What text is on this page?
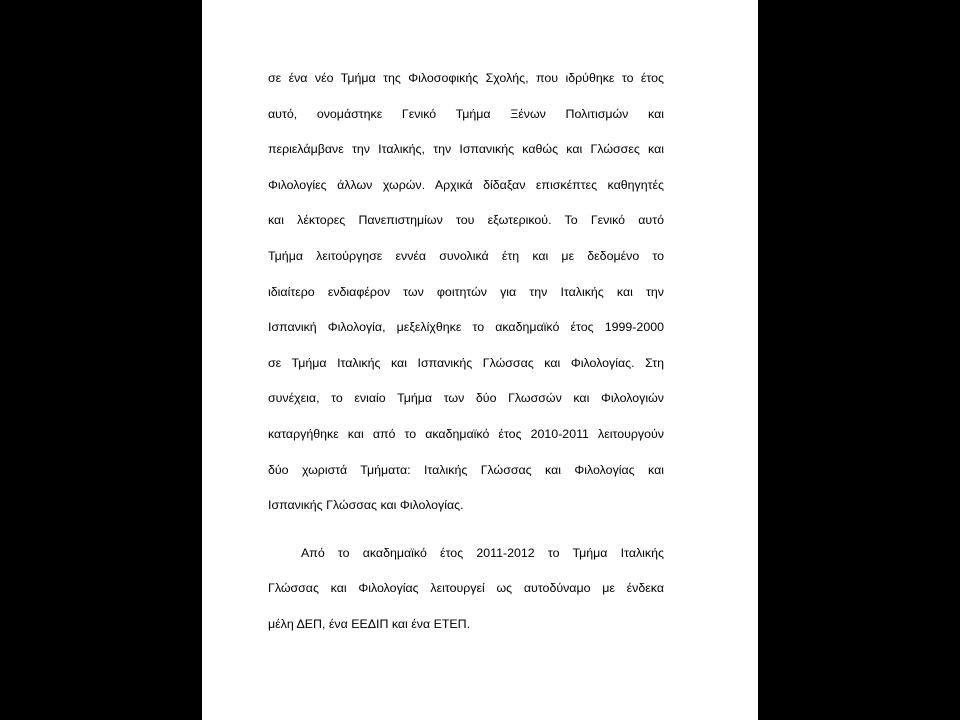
σε ένα νέο Τμήμα της Φιλοσοφικής Σχολής, που ιδρύθηκε το έτος
αυτό, ονομάστηκε Γενικό Τμήμα Ξένων Πολιτισμών και
περιελάμβανε την Ιταλικής, την Ισπανικής καθώς και Γλώσσες και
Φιλολογίες άλλων χωρών. Αρχικά δίδαξαν επισκέπτες καθηγητές
και λέκτορες Πανεπιστημίων του εξωτερικού. Το Γενικό αυτό
Τμήμα λειτούργησε εννέα συνολικά έτη και με δεδομένο το
ιδιαίτερο ενδιαφέρον των φοιτητών για την Ιταλικής και την
Ισπανική Φιλολογία, μεξελίχθηκε το ακαδημαϊκό έτος 1999-2000
σε Τμήμα Ιταλικής και Ισπανικής Γλώσσας και Φιλολογίας. Στη
συνέχεια, το ενιαίο Τμήμα των δύο Γλωσσών και Φιλολογιών
καταργήθηκε και από το ακαδημαϊκό έτος 2010-2011 λειτουργούν
δύο χωριστά Τμήματα: Ιταλικής Γλώσσας και Φιλολογίας και
Ισπανικής Γλώσσας και Φιλολογίας.
Από το ακαδημαϊκό έτος 2011-2012 το Τμήμα Ιταλικής
Γλώσσας και Φιλολογίας λειτουργεί ως αυτοδύναμο με ένδεκα
μέλη ΔΕΠ, ένα ΕΕΔΙΠ και ένα ΕΤΕΠ.
